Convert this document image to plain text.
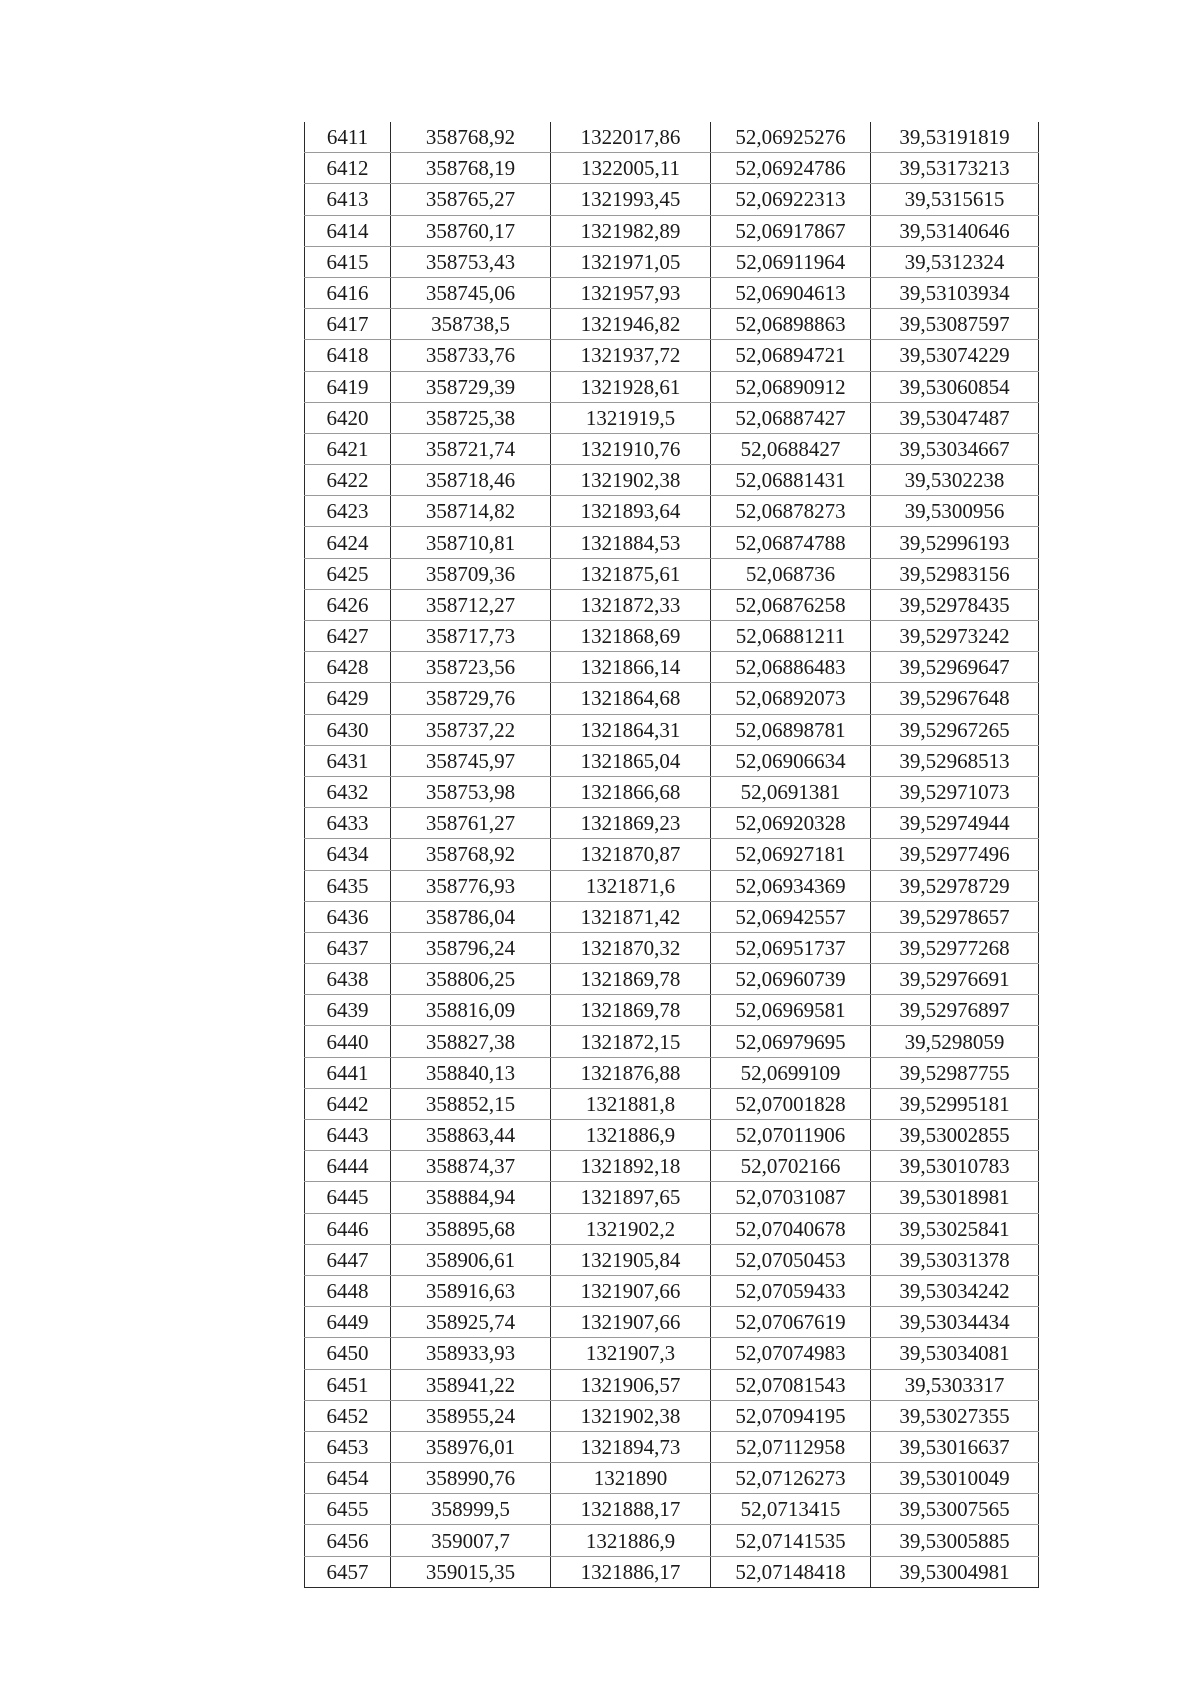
6411	358768,92	1322017,86	52,06925276	39,53191819
6412	358768,19	1322005,11	52,06924786	39,53173213
6413	358765,27	1321993,45	52,06922313	39,5315615
6414	358760,17	1321982,89	52,06917867	39,53140646
6415	358753,43	1321971,05	52,06911964	39,5312324
6416	358745,06	1321957,93	52,06904613	39,53103934
6417	358738,5	1321946,82	52,06898863	39,53087597
6418	358733,76	1321937,72	52,06894721	39,53074229
6419	358729,39	1321928,61	52,06890912	39,53060854
6420	358725,38	1321919,5	52,06887427	39,53047487
6421	358721,74	1321910,76	52,0688427	39,53034667
6422	358718,46	1321902,38	52,06881431	39,5302238
6423	358714,82	1321893,64	52,06878273	39,5300956
6424	358710,81	1321884,53	52,06874788	39,52996193
6425	358709,36	1321875,61	52,068736	39,52983156
6426	358712,27	1321872,33	52,06876258	39,52978435
6427	358717,73	1321868,69	52,06881211	39,52973242
6428	358723,56	1321866,14	52,06886483	39,52969647
6429	358729,76	1321864,68	52,06892073	39,52967648
6430	358737,22	1321864,31	52,06898781	39,52967265
6431	358745,97	1321865,04	52,06906634	39,52968513
6432	358753,98	1321866,68	52,0691381	39,52971073
6433	358761,27	1321869,23	52,06920328	39,52974944
6434	358768,92	1321870,87	52,06927181	39,52977496
6435	358776,93	1321871,6	52,06934369	39,52978729
6436	358786,04	1321871,42	52,06942557	39,52978657
6437	358796,24	1321870,32	52,06951737	39,52977268
6438	358806,25	1321869,78	52,06960739	39,52976691
6439	358816,09	1321869,78	52,06969581	39,52976897
6440	358827,38	1321872,15	52,06979695	39,5298059
6441	358840,13	1321876,88	52,0699109	39,52987755
6442	358852,15	1321881,8	52,07001828	39,52995181
6443	358863,44	1321886,9	52,07011906	39,53002855
6444	358874,37	1321892,18	52,0702166	39,53010783
6445	358884,94	1321897,65	52,07031087	39,53018981
6446	358895,68	1321902,2	52,07040678	39,53025841
6447	358906,61	1321905,84	52,07050453	39,53031378
6448	358916,63	1321907,66	52,07059433	39,53034242
6449	358925,74	1321907,66	52,07067619	39,53034434
6450	358933,93	1321907,3	52,07074983	39,53034081
6451	358941,22	1321906,57	52,07081543	39,5303317
6452	358955,24	1321902,38	52,07094195	39,53027355
6453	358976,01	1321894,73	52,07112958	39,53016637
6454	358990,76	1321890	52,07126273	39,53010049
6455	358999,5	1321888,17	52,0713415	39,53007565
6456	359007,7	1321886,9	52,07141535	39,53005885
6457	359015,35	1321886,17	52,07148418	39,53004981
